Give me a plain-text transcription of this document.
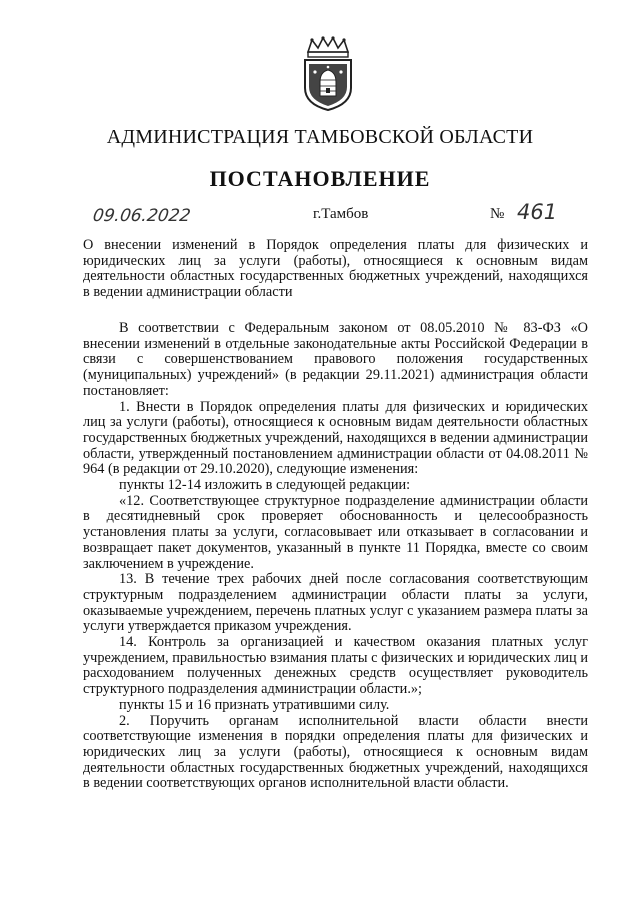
АДМИНИСТРАЦИЯ ТАМБОВСКОЙ ОБЛАСТИ
ПОСТАНОВЛЕНИЕ
09.06.2022	г.Тамбов	№ 461
О внесении изменений в Порядок определения платы для физических и юридических лиц за услуги (работы), относящиеся к основным видам деятельности областных государственных бюджетных учреждений, находящихся в ведении администрации области

В соответствии с Федеральным законом от 08.05.2010 № 83-ФЗ «О внесении изменений в отдельные законодательные акты Российской Федерации в связи с совершенствованием правового положения государственных (муниципальных) учреждений» (в редакции 29.11.2021) администрация области постановляет:

1. Внести в Порядок определения платы для физических и юридических лиц за услуги (работы), относящиеся к основным видам деятельности областных государственных бюджетных учреждений, находящихся в ведении администрации области, утвержденный постановлением администрации области от 04.08.2011 № 964 (в редакции от 29.10.2020), следующие изменения:

пункты 12-14 изложить в следующей редакции:

«12. Соответствующее структурное подразделение администрации области в десятидневный срок проверяет обоснованность и целесообразность установления платы за услуги, согласовывает или отказывает в согласовании и возвращает пакет документов, указанный в пункте 11 Порядка, вместе со своим заключением в учреждение.

13. В течение трех рабочих дней после согласования соответствующим структурным подразделением администрации области платы за услуги, оказываемые учреждением, перечень платных услуг с указанием размера платы за услуги утверждается приказом учреждения.

14. Контроль за организацией и качеством оказания платных услуг учреждением, правильностью взимания платы с физических и юридических лиц и расходованием полученных денежных средств осуществляет руководитель структурного подразделения администрации области.»;

пункты 15 и 16 признать утратившими силу.

2. Поручить органам исполнительной власти области внести соответствующие изменения в порядки определения платы для физических и юридических лиц за услуги (работы), относящиеся к основным видам деятельности областных государственных бюджетных учреждений, находящихся в ведении соответствующих органов исполнительной власти области.
